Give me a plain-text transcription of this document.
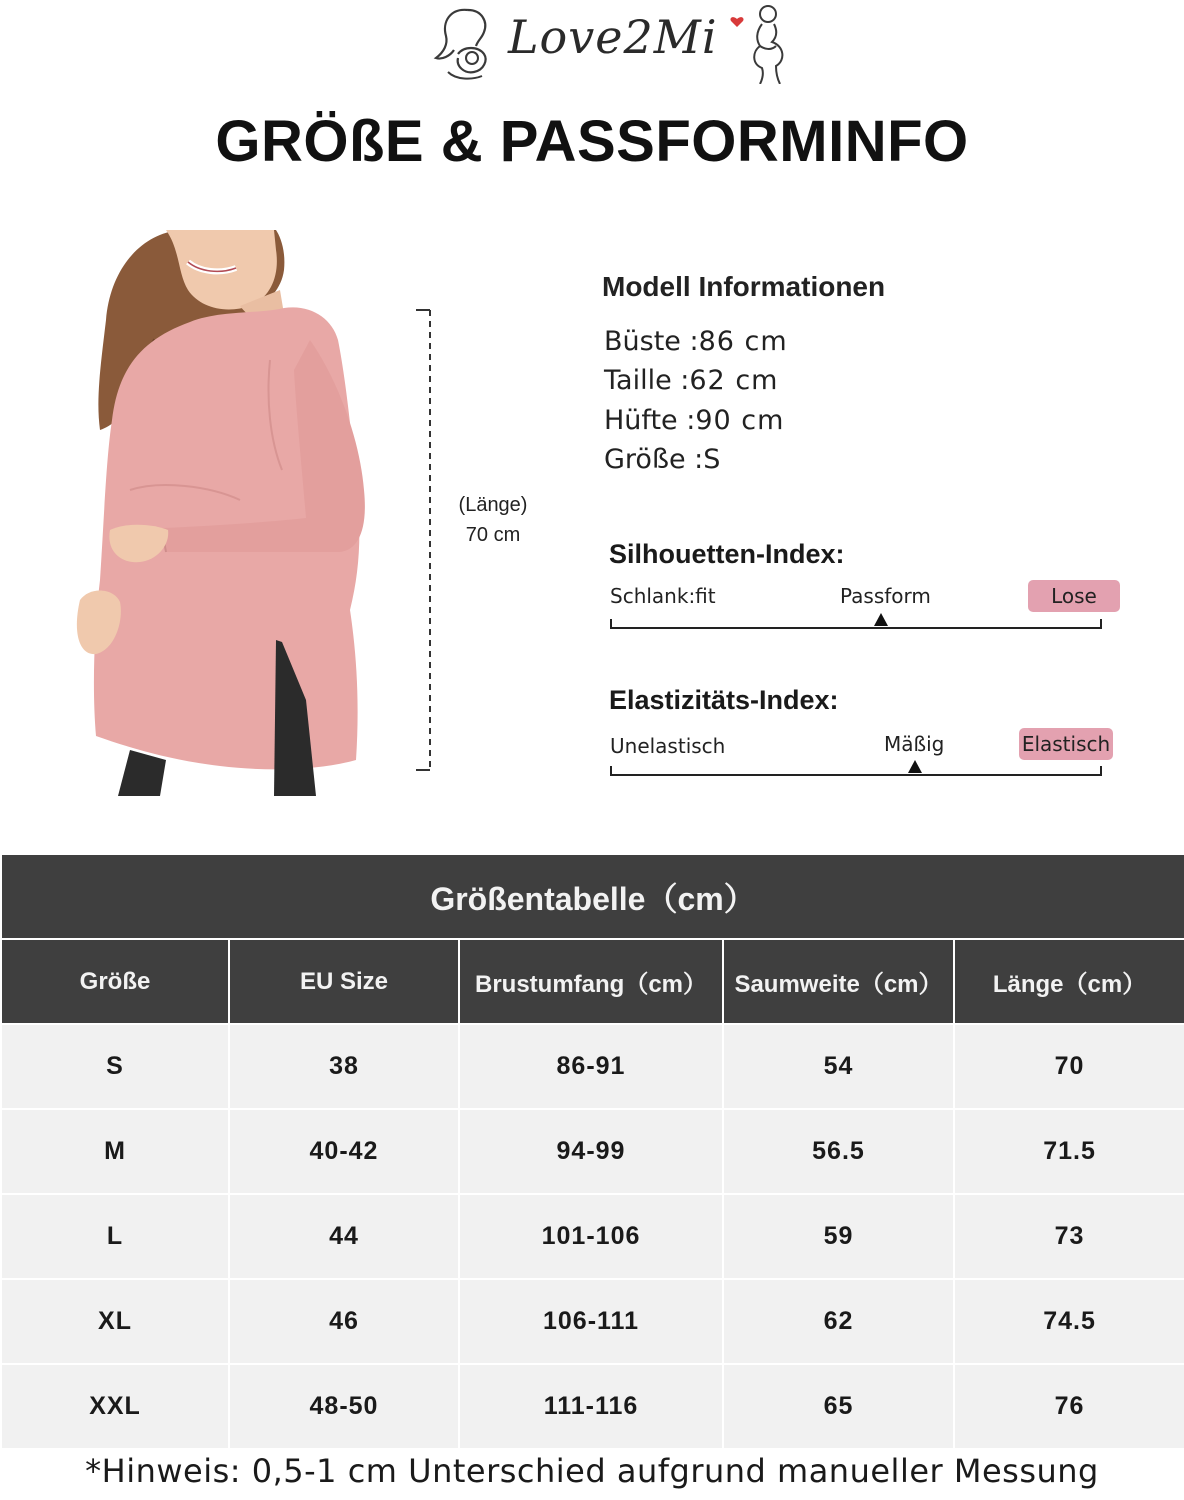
Love2Mi
GRÖßE & PASSFORMINFO
(Länge)
70 cm
Modell Informationen
Büste :86 cm
Taille :62 cm
Hüfte :90 cm
Größe :S
Silhouetten-Index:
Schlank:fit	Passform	Lose
Elastizitäts-Index:
Unelastisch	Mäßig	Elastisch
Größentabelle（cm）				
Größe	EU Size	Brustumfang（cm）	Saumweite（cm）	Länge（cm）
S	38	86-91	54	70
M	40-42	94-99	56.5	71.5
L	44	101-106	59	73
XL	46	106-111	62	74.5
XXL	48-50	111-116	65	76
*Hinweis: 0,5-1 cm Unterschied aufgrund manueller Messung
